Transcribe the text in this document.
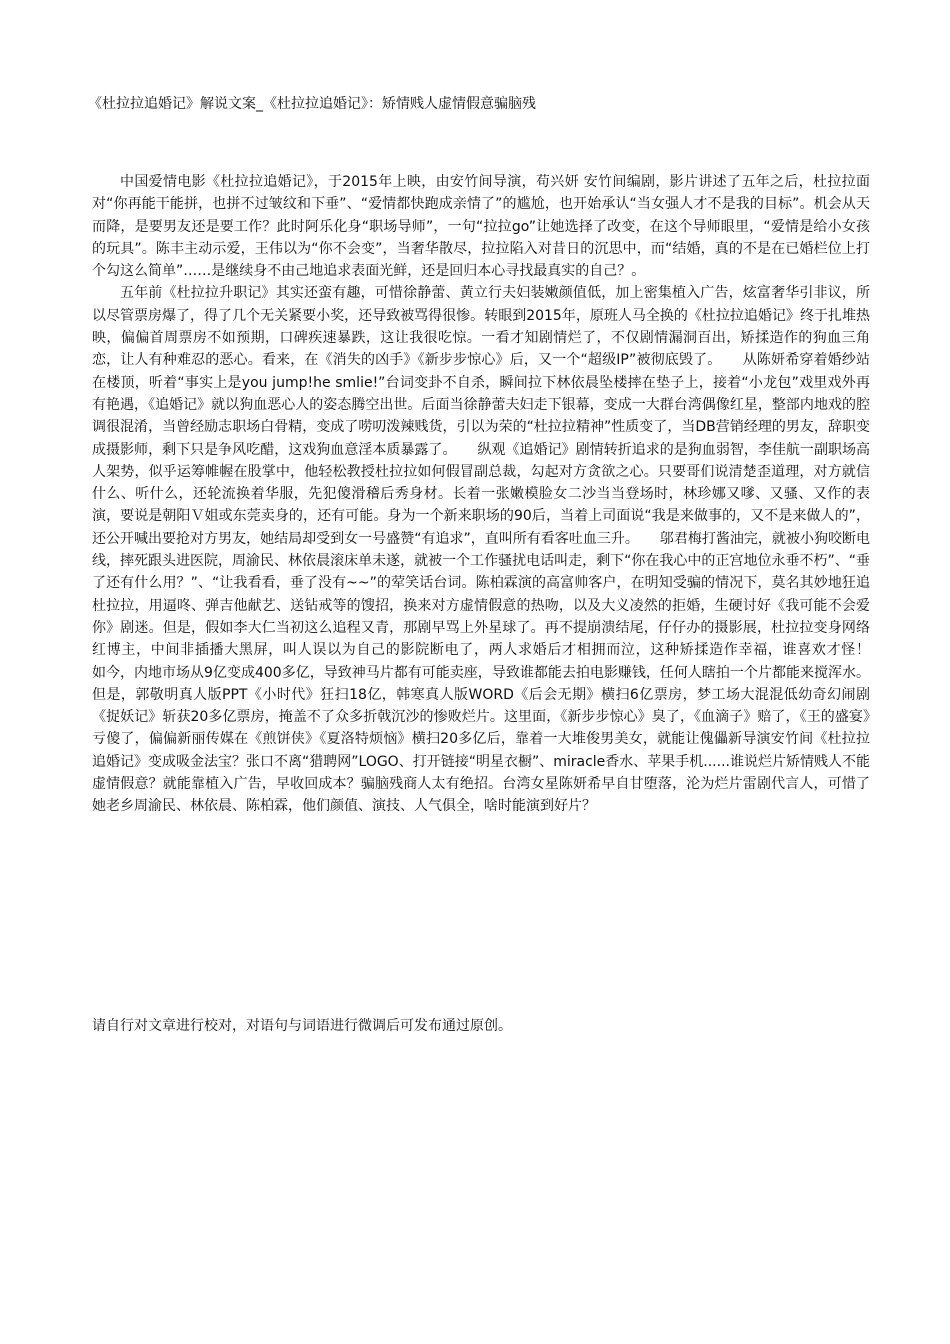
《杜拉拉追婚记》解说文案_《杜拉拉追婚记》：矫情贱人虚情假意骗脑残

中国爱情电影《杜拉拉追婚记》，于2015年上映，由安竹间导演，苟兴妍 安竹间编剧，影片讲述了五年之后，杜拉拉面对“你再能干能拼，也拼不过皱纹和下垂”、“爱情都快跑成亲情了”的尴尬，也开始承认“当女强人才不是我的目标”。机会从天而降，是要男友还是要工作？此时阿乐化身“职场导师”，一句“拉拉go”让她选择了改变，在这个导师眼里，“爱情是给小女孩的玩具”。陈丰主动示爱，王伟以为“你不会变”，当奢华散尽，拉拉陷入对昔日的沉思中，而“结婚，真的不是在已婚栏位上打个勾这么简单”……是继续身不由己地追求表面光鲜，还是回归本心寻找最真实的自己？。

五年前《杜拉拉升职记》其实还蛮有趣，可惜徐静蕾、黄立行夫妇装嫩颜值低，加上密集植入广告，炫富奢华引非议，所以尽管票房爆了，得了几个无关紧要小奖，还导致被骂得很惨。转眼到2015年，原班人马全换的《杜拉拉追婚记》终于扎堆热映，偏偏首周票房不如预期，口碑疾速暴跌，这让我很吃惊。一看才知剧情烂了，不仅剧情漏洞百出，矫揉造作的狗血三角恋，让人有种难忍的恶心。看来，在《消失的凶手》《新步步惊心》后，又一个“超级IP”被彻底毁了。　　从陈妍希穿着婚纱站在楼顶，听着“事实上是you jump!he smlie!”台词变卦不自杀，瞬间拉下林依晨坠楼摔在垫子上，接着“小龙包”戏里戏外再有艳遇，《追婚记》就以狗血恶心人的姿态腾空出世。后面当徐静蕾夫妇走下银幕，变成一大群台湾偶像红星，整部内地戏的腔调很混淆，当曾经励志职场白骨精，变成了唠叨泼辣贱货，引以为荣的“杜拉拉精神”性质变了，当DB营销经理的男友，辞职变成摄影师，剩下只是争风吃醋，这戏狗血意淫本质暴露了。　　纵观《追婚记》剧情转折追求的是狗血弱智，李佳航一副职场高人架势，似乎运筹帷幄在股掌中，他轻松教授杜拉拉如何假冒副总裁，勾起对方贪欲之心。只要哥们说清楚歪道理，对方就信什么、听什么，还轮流换着华服，先犯傻滑稽后秀身材。长着一张嫩模脸女二沙当当登场时，林珍娜又嗲、又骚、又作的表演，要说是朝阳Ｖ姐或东莞卖身的，还有可能。身为一个新来职场的90后，当着上司面说“我是来做事的，又不是来做人的”，还公开喊出要抢对方男友，她结局却受到女一号盛赞“有追求”，直叫所有看客吐血三升。　　邬君梅打酱油完，就被小狗咬断电线，摔死跟头进医院，周渝民、林依晨滚床单未遂，就被一个工作骚扰电话叫走，剩下“你在我心中的正宫地位永垂不朽”、“垂了还有什么用？”、“让我看看，垂了没有~~”的荤笑话台词。陈柏霖演的高富帅客户，在明知受骗的情况下，莫名其妙地狂追杜拉拉，用逼咚、弹吉他献艺、送钻戒等的馊招，换来对方虚情假意的热吻，以及大义凌然的拒婚，生硬讨好《我可能不会爱你》剧迷。但是，假如李大仁当初这么追程又青，那剧早骂上外星球了。再不提崩溃结尾，仔仔办的摄影展，杜拉拉变身网络红博主，中间非插播大黑屏，叫人误以为自己的影院断电了，两人求婚后才相拥而泣，这种矫揉造作幸福，谁喜欢才怪！　　如今，内地市场从9亿变成400多亿，导致神马片都有可能卖座，导致谁都能去拍电影赚钱，任何人瞎拍一个片都能来搅浑水。但是，郭敬明真人版PPT《小时代》狂扫18亿，韩寒真人版WORD《后会无期》横扫6亿票房，梦工场大混混低幼奇幻闹剧《捉妖记》斩获20多亿票房，掩盖不了众多折戟沉沙的惨败烂片。这里面，《新步步惊心》臭了，《血滴子》赔了，《王的盛宴》亏傻了，偏偏新丽传媒在《煎饼侠》《夏洛特烦恼》横扫20多亿后，靠着一大堆俊男美女，就能让傀儡新导演安竹间《杜拉拉追婚记》变成吸金法宝？张口不离“猎聘网”LOGO、打开链接“明星衣橱”、miracle香水、苹果手机......谁说烂片矫情贱人不能虚情假意？就能靠植入广告，早收回成本？骗脑残商人太有绝招。台湾女星陈妍希早自甘堕落，沦为烂片雷剧代言人，可惜了她老乡周渝民、林依晨、陈柏霖，他们颜值、演技、人气俱全，啥时能演到好片？

请自行对文章进行校对，对语句与词语进行微调后可发布通过原创。
